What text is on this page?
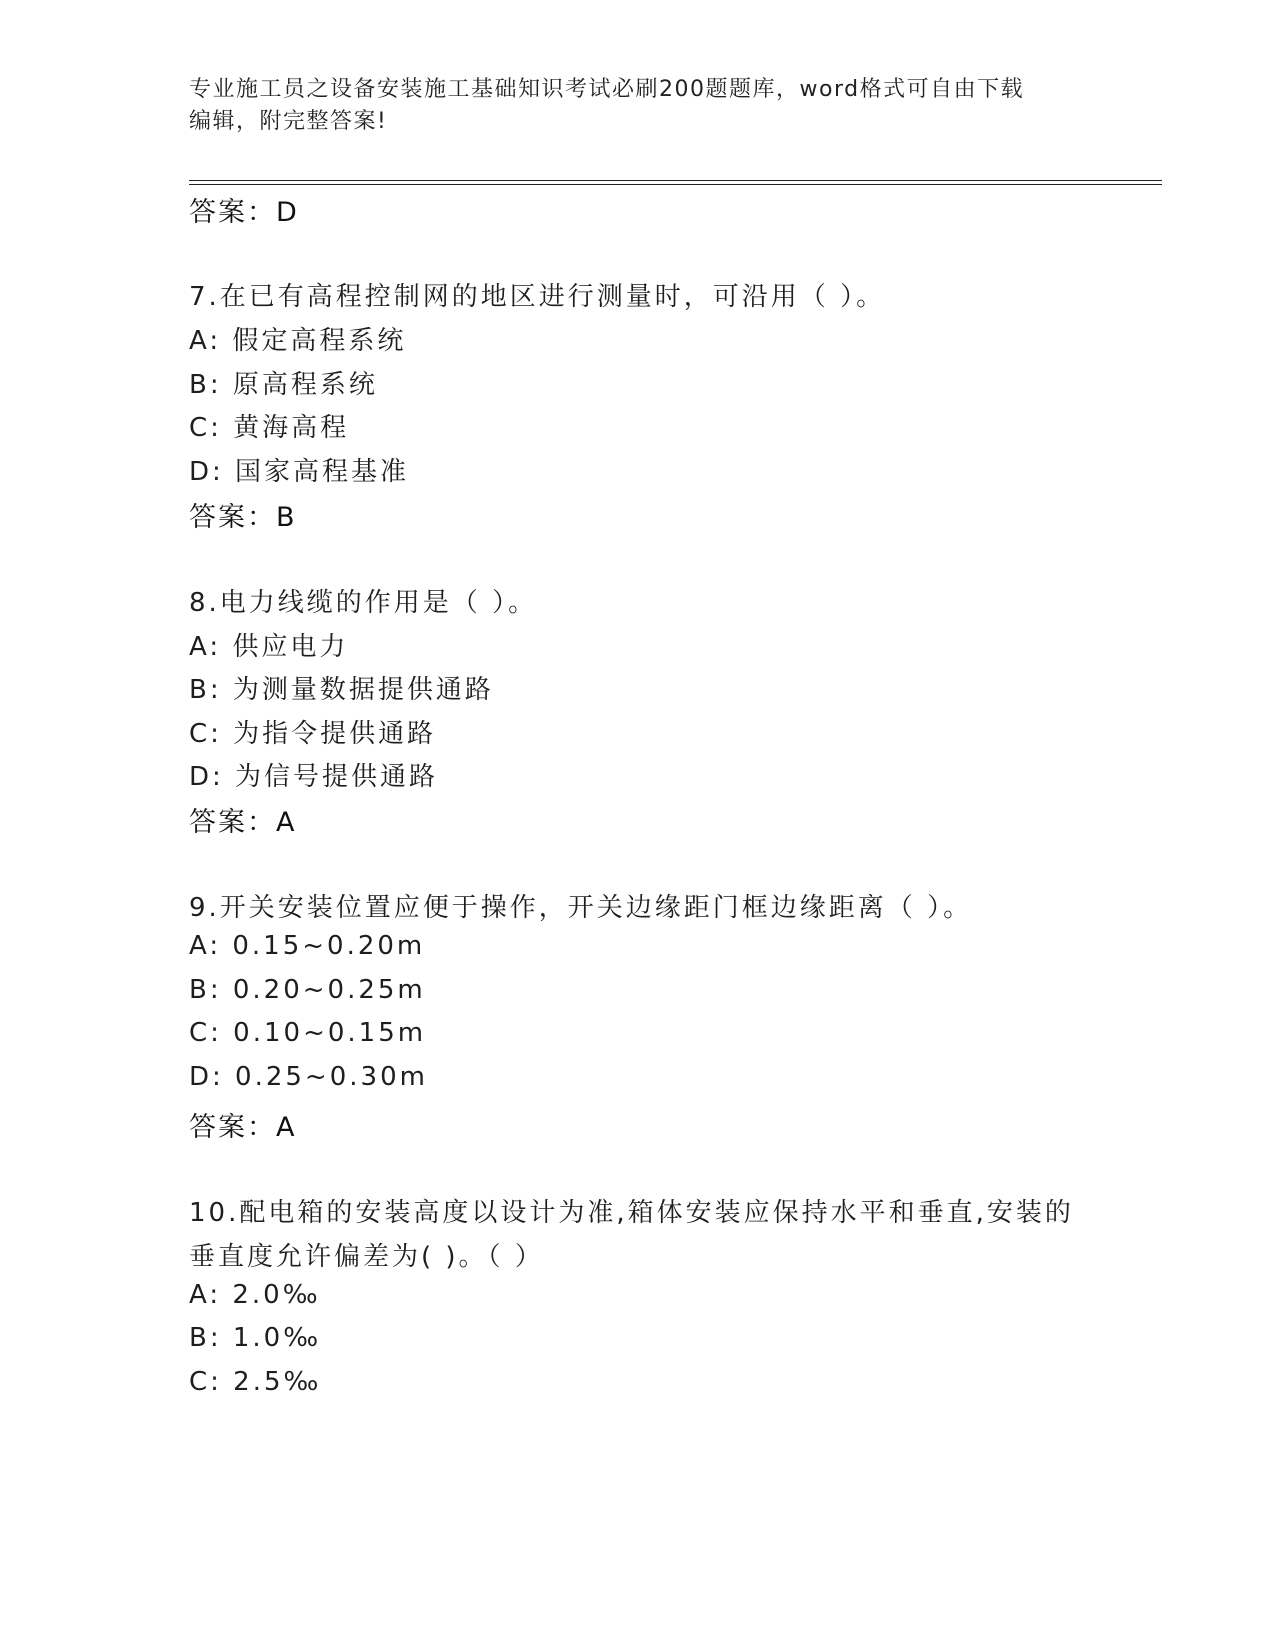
专业施工员之设备安装施工基础知识考试必刷200题题库，word格式可自由下载
编辑，附完整答案!
答案：D
7.在已有高程控制网的地区进行测量时，可沿用（ ）。
A: 假定高程系统
B: 原高程系统
C: 黄海高程
D: 国家高程基准
答案：B
8.电力线缆的作用是（ ）。
A: 供应电力
B: 为测量数据提供通路
C: 为指令提供通路
D: 为信号提供通路
答案：A
9.开关安装位置应便于操作，开关边缘距门框边缘距离（ ）。
A: 0.15~0.20m
B: 0.20~0.25m
C: 0.10~0.15m
D: 0.25~0.30m
答案：A
10.配电箱的安装高度以设计为准,箱体安装应保持水平和垂直,安装的
垂直度允许偏差为( )。（ ）
A: 2.0‰
B: 1.0‰
C: 2.5‰
